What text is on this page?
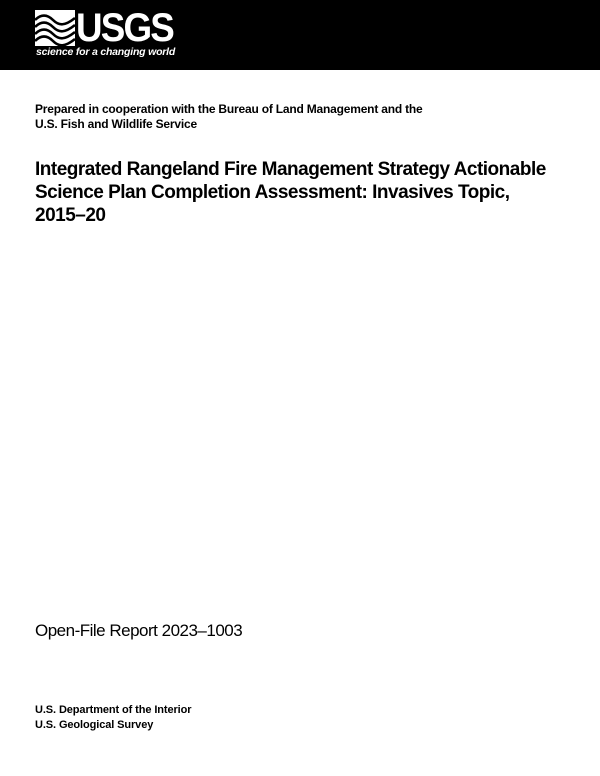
USGS
science for a changing world
Prepared in cooperation with the Bureau of Land Management and the
U.S. Fish and Wildlife Service
Integrated Rangeland Fire Management Strategy Actionable
Science Plan Completion Assessment: Invasives Topic,
2015–20
Open-File Report 2023–1003
U.S. Department of the Interior
U.S. Geological Survey
